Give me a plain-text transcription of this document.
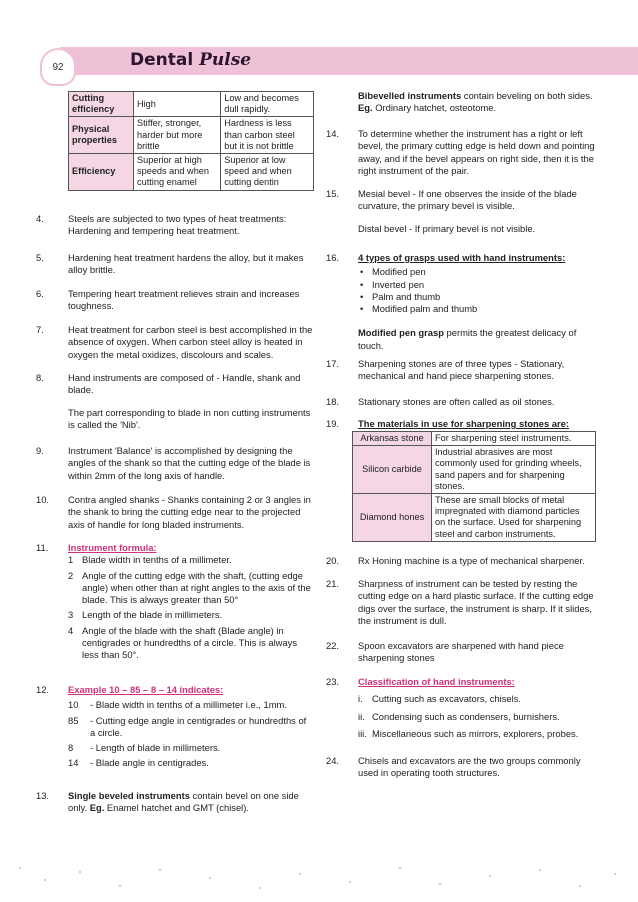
92	Dental Pulse
Cutting efficiency	High	Low and becomes dull rapidly.
Physical properties	Stiffer, stronger, harder but more brittle	Hardness is less than carbon steel but it is not brittle
Efficiency	Superior at high speeds and when cutting enamel	Superior at low speed and when cutting dentin
4.	Steels are subjected to two types of heat treatments: Hardening and tempering heat treatment.
5.	Hardening heat treatment hardens the alloy, but it makes alloy brittle.
6.	Tempering heart treatment relieves strain and increases toughness.
7.	Heat treatment for carbon steel is best accomplished in the absence of oxygen. When carbon steel alloy is heated in oxygen the metal oxidizes, discolours and scales.
8.	Hand instruments are composed of - Handle, shank and blade.
The part corresponding to blade in non cutting instruments is called the 'Nib'.
9.	Instrument 'Balance' is accomplished by designing the angles of the shank so that the cutting edge of the blade is within 2mm of the long axis of handle.
10.	Contra angled shanks - Shanks containing 2 or 3 angles in the shank to bring the cutting edge near to the projected axis of handle for long bladed instruments.
11.	Instrument formula:
1 Blade width in tenths of a millimeter.
2 Angle of the cutting edge with the shaft, (cutting edge angle) when other than at right angles to the axis of the blade. This is always greater than 50°
3 Length of the blade in millimeters.
4 Angle of the blade with the shaft (Blade angle) in centigrades or hundredths of a circle. This is always less than 50°.
12.	Example 10 – 85 – 8 – 14 indicates:
10 - Blade width in tenths of a millimeter i.e., 1mm.
85 - Cutting edge angle in centigrades or hundredths of a circle.
8 - Length of blade in millimeters.
14 - Blade angle in centigrades.
13.	Single beveled instruments contain bevel on one side only. Eg. Enamel hatchet and GMT (chisel).
Bibevelled instruments contain beveling on both sides. Eg. Ordinary hatchet, osteotome.
14.	To determine whether the instrument has a right or left bevel, the primary cutting edge is held down and pointing away, and if the bevel appears on right side, then it is the right instrument of the pair.
15.	Mesial bevel - If one observes the inside of the blade curvature, the primary bevel is visible.
Distal bevel - If primary bevel is not visible.
16.	4 types of grasps used with hand instruments:
• Modified pen
• Inverted pen
• Palm and thumb
• Modified palm and thumb
Modified pen grasp permits the greatest delicacy of touch.
17.	Sharpening stones are of three types - Stationary, mechanical and hand piece sharpening stones.
18.	Stationary stones are often called as oil stones.
19.	The materials in use for sharpening stones are:
Arkansas stone	For sharpening steel instruments.
Silicon carbide	Industrial abrasives are most commonly used for grinding wheels, sand papers and for sharpening stones.
Diamond hones	These are small blocks of metal impregnated with diamond particles on the surface. Used for sharpening steel and carbon instruments.
20.	Rx Honing machine is a type of mechanical sharpener.
21.	Sharpness of instrument can be tested by resting the cutting edge on a hard plastic surface. If the cutting edge digs over the surface, the instrument is sharp. If it slides, the instrument is dull.
22.	Spoon excavators are sharpened with hand piece sharpening stones
23.	Classification of hand instruments:
i. Cutting such as excavators, chisels.
ii. Condensing such as condensers, burnishers.
iii. Miscellaneous such as mirrors, explorers, probes.
24.	Chisels and excavators are the two groups commonly used in operating tooth structures.
